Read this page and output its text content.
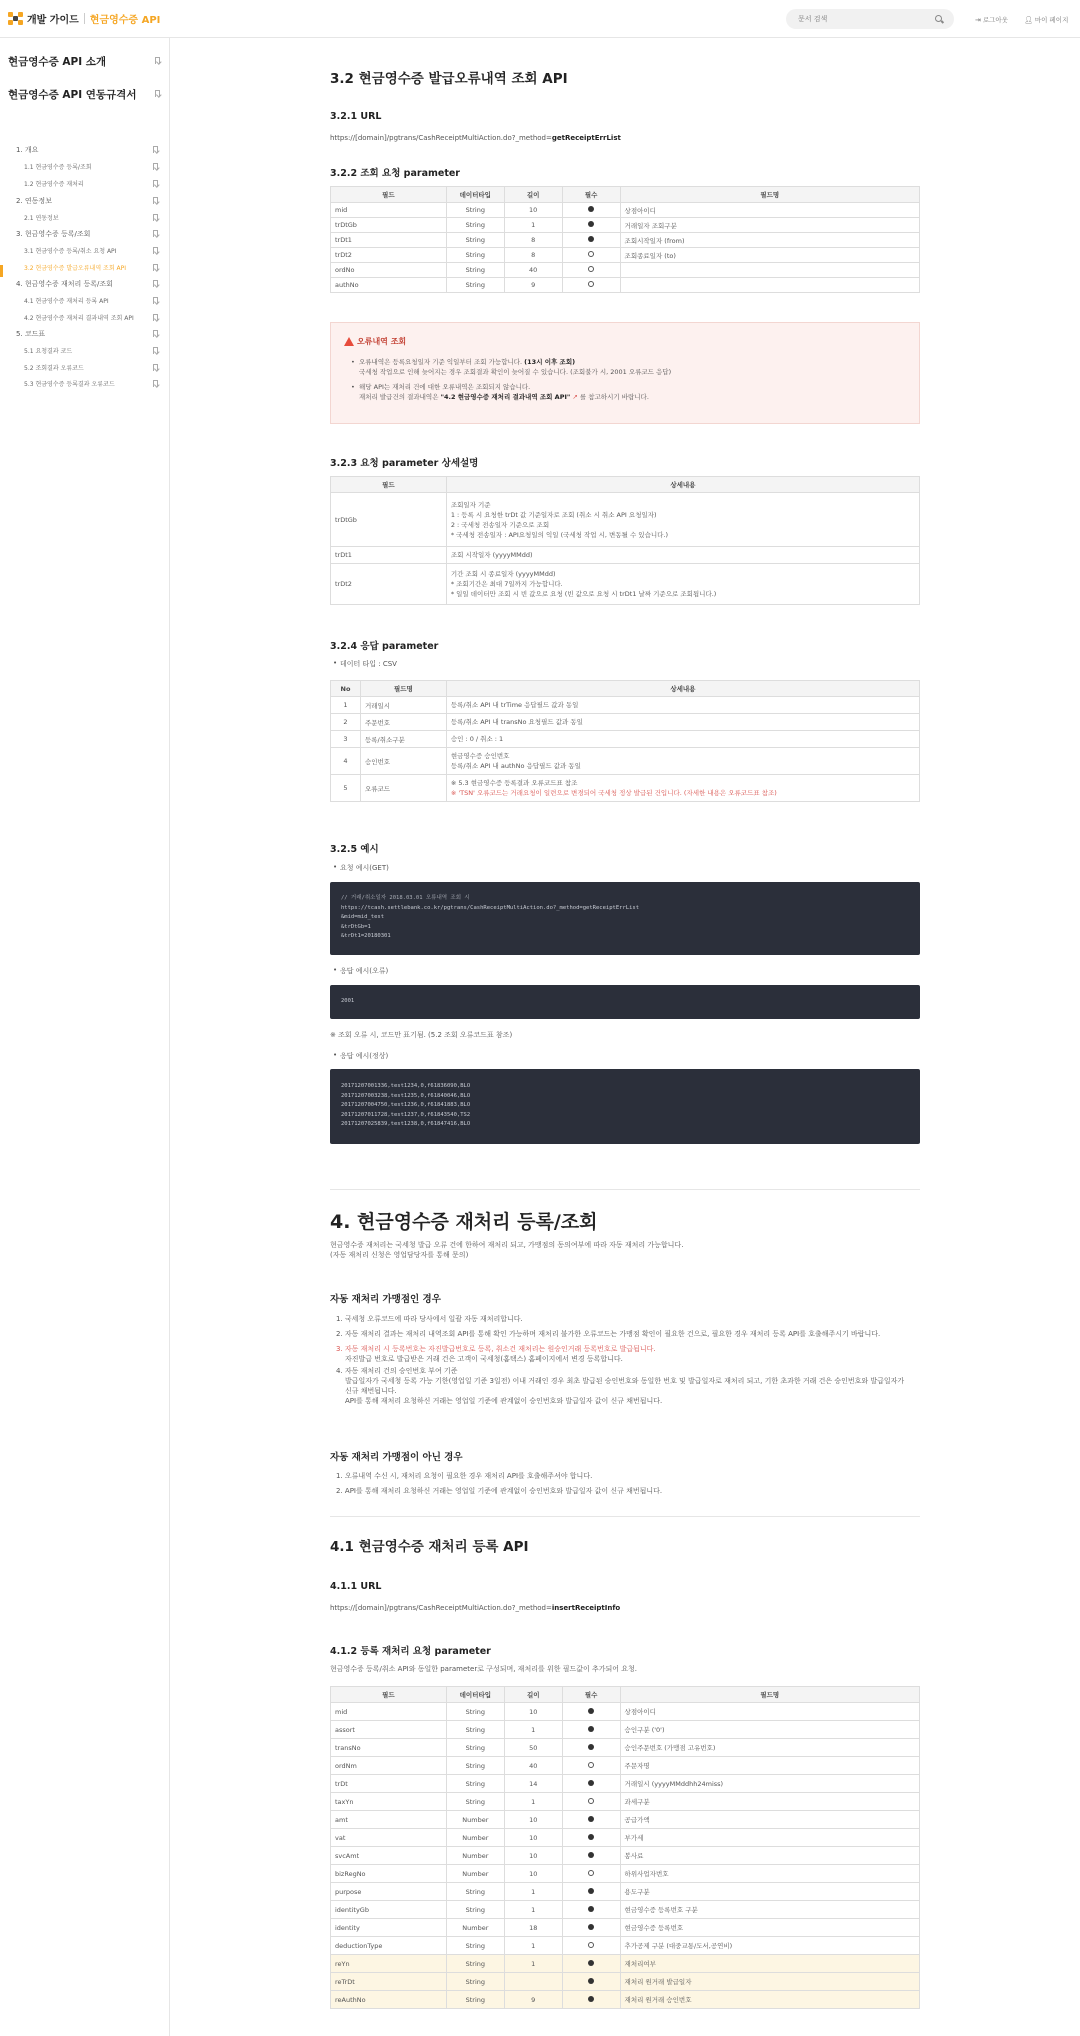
개발 가이드 현금영수증 API
문서 검색	⇥ 로그아웃 👤︎ 마이 페이지
현금영수증 API 소개
현금영수증 API 연동규격서
1. 개요
1.1 현금영수증 등록/조회
1.2 현금영수증 재처리
2. 연동정보
2.1 연동정보
3. 현금영수증 등록/조회
3.1 현금영수증 등록/취소 요청 API
3.2 현금영수증 발급오류내역 조회 API
4. 현금영수증 재처리 등록/조회
4.1 현금영수증 재처리 등록 API
4.2 현금영수증 재처리 결과내역 조회 API
5. 코드표
5.1 요청결과 코드
5.2 조회결과 오류코드
5.3 현금영수증 등록결과 오류코드
3.2 현금영수증 발급오류내역 조회 API
3.2.1 URL
https://[domain]/pgtrans/CashReceiptMultiAction.do?_method=getReceiptErrList
3.2.2 조회 요청 parameter
필드	데이터타입	길이	필수	필드명
mid	String	10		상점아이디
trDtGb	String	1		거래일자 조회구분
trDt1	String	8		조회시작일자 (from)
trDt2	String	8		조회종료일자 (to)
ordNo	String	40		
authNo	String	9		
오류내역 조회
• 오류내역은 등록요청일자 기준 익일부터 조회 가능합니다. (13시 이후 조회)
국세청 작업으로 인해 늦어지는 경우 조회결과 확인이 늦어질 수 있습니다. (조회불가 시, 2001 오류코드 응답)
• 해당 API는 재처리 건에 대한 오류내역은 조회되지 않습니다.
재처리 발급건의 결과내역은 "4.2 현금영수증 재처리 결과내역 조회 API" ↗ 를 참고하시기 바랍니다.
3.2.3 요청 parameter 상세설명
필드	상세내용
trDtGb	조회일자 기준
1 : 등록 시 요청한 trDt 값 기준일자로 조회 (취소 시 취소 API 요청일자)
2 : 국세청 전송일자 기준으로 조회
* 국세청 전송일자 : API요청일의 익일 (국세청 작업 시, 변동될 수 있습니다.)

trDt1	조회 시작일자 (yyyyMMdd)

trDt2	기간 조회 시 종료일자 (yyyyMMdd)
* 조회기간은 최대 7일까지 가능합니다.
* 일일 데이터만 조회 시 빈 값으로 요청 (빈 값으로 요청 시 trDt1 날짜 기준으로 조회됩니다.)
3.2.4 응답 parameter
• 데이터 타입 : CSV
No	필드명	상세내용
1	거래일시	등록/취소 API 내 trTime 응답필드 값과 동일

2	주문번호	등록/취소 API 내 transNo 요청필드 값과 동일

3	등록/취소구분	승인 : 0 / 취소 : 1

4	승인번호	현금영수증 승인번호
등록/취소 API 내 authNo 응답필드 값과 동일

5	오류코드	※ 5.3 현금영수증 등록결과 오류코드표 참조
※ 'TSN' 오류코드는 거래요청이 일련으로 변경되어 국세청 정상 발급된 건입니다. (자세한 내용은 오류코드표 참조)
3.2.5 예시
• 요청 예시(GET)
// 거래/취소일자 2018.03.01 오류내역 조회 시
https://tcash.settlebank.co.kr/pgtrans/CashReceiptMultiAction.do?_method=getReceiptErrList
&mid=mid_test
&trDtGb=1
&trDt1=20180301
• 응답 예시(오류)
2001
※ 조회 오류 시, 코드만 표기됨. (5.2 조회 오류코드표 참조)
• 응답 예시(정상)
20171207001336,test1234,0,f61836090,BLO
20171207003238,test1235,0,f61840046,BLO
20171207004750,test1236,0,f61841883,BLO
20171207011728,test1237,0,f61843540,TS2
20171207025839,test1238,0,f61847416,BLO
4. 현금영수증 재처리 등록/조회
현금영수증 재처리는 국세청 발급 오류 건에 한하여 재처리 되고, 가맹점의 동의여부에 따라 자동 재처리 가능합니다.
(자동 재처리 신청은 영업담당자를 통해 문의)
자동 재처리 가맹점인 경우
1. 국세청 오류코드에 따라 당사에서 일괄 자동 재처리합니다.
2. 자동 재처리 결과는 재처리 내역조회 API를 통해 확인 가능하며 재처리 불가한 오류코드는 가맹점 확인이 필요한 건으로, 필요한 경우 재처리 등록 API를 호출해주시기 바랍니다.
3. 자동 재처리 시 등록번호는 자진발급번호로 등록, 취소건 재처리는 원승인거래 등록번호로 발급됩니다.
자진발급 번호로 발급받은 거래 건은 고객이 국세청(홈택스) 홈페이지에서 변경 등록합니다.
4. 자동 재처리 건의 승인번호 부여 기준
발급일자가 국세청 등록 가능 기한(영업일 기준 3일전) 이내 거래인 경우 최초 발급된 승인번호와 동일한 번호 및 발급일자로 재처리 되고, 기한 초과한 거래 건은 승인번호와 발급일자가
신규 채번됩니다.
API를 통해 재처리 요청하신 거래는 영업일 기준에 관계없이 승인번호와 발급일자 값이 신규 채번됩니다.
자동 재처리 가맹점이 아닌 경우
1. 오류내역 수신 시, 재처리 요청이 필요한 경우 재처리 API를 호출해주셔야 합니다.
2. API를 통해 재처리 요청하신 거래는 영업일 기준에 관계없이 승인번호와 발급일자 값이 신규 채번됩니다.
4.1 현금영수증 재처리 등록 API
4.1.1 URL
https://[domain]/pgtrans/CashReceiptMultiAction.do?_method=insertReceiptInfo
4.1.2 등록 재처리 요청 parameter
현금영수증 등록/취소 API와 동일한 parameter로 구성되며, 재처리를 위한 필드값이 추가되어 요청.
필드	데이터타입	길이	필수	필드명
mid	String	10		상점아이디
assort	String	1		승인구분 ('0')
transNo	String	50		승인주문번호 (가맹점 고유번호)
ordNm	String	40		주문자명
trDt	String	14		거래일시 (yyyyMMddhh24miss)
taxYn	String	1		과세구분
amt	Number	10		공급가액
vat	Number	10		부가세
svcAmt	Number	10		봉사료
bizRegNo	Number	10		하위사업자번호
purpose	String	1		용도구분
identityGb	String	1		현금영수증 등록번호 구분
identity	Number	18		현금영수증 등록번호
deductionType	String	1		추가공제 구분 (대중교통/도서,공연비)
reYn	String	1		재처리여부
reTrDt	String			재처리 원거래 발급일자
reAuthNo	String	9		재처리 원거래 승인번호
